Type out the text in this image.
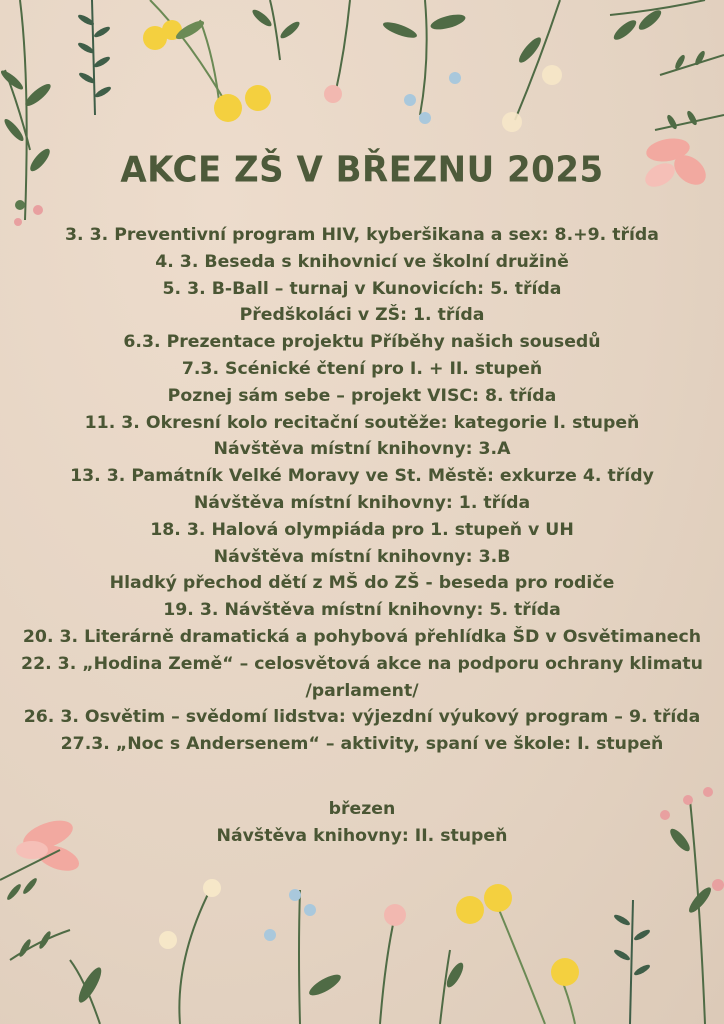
AKCE ZŠ V BŘEZNU 2025
3. 3. Preventivní program HIV, kyberšikana a sex: 8.+9. třída
4. 3. Beseda s knihovnicí ve školní družině
5. 3. B-Ball – turnaj v Kunovicích: 5. třída
Předškoláci v ZŠ: 1. třída
6.3. Prezentace projektu Příběhy našich sousedů
7.3. Scénické čtení pro I. + II. stupeň
Poznej sám sebe – projekt VISC: 8. třída
11. 3. Okresní kolo recitační soutěže: kategorie I. stupeň
Návštěva místní knihovny: 3.A
13. 3. Památník Velké Moravy ve St. Městě: exkurze 4. třídy
Návštěva místní knihovny: 1. třída
18. 3. Halová olympiáda pro 1. stupeň v UH
Návštěva místní knihovny: 3.B
Hladký přechod dětí z MŠ do ZŠ - beseda pro rodiče
19. 3. Návštěva místní knihovny: 5. třída
20. 3. Literárně dramatická a pohybová přehlídka ŠD v Osvětimanech
22. 3. „Hodina Země“ – celosvětová akce na podporu ochrany klimatu
/parlament/
26. 3. Osvětim – svědomí lidstva: výjezdní výukový program – 9. třída
27.3. „Noc s Andersenem“ – aktivity, spaní ve škole: I. stupeň
březen
Návštěva knihovny: II. stupeň
